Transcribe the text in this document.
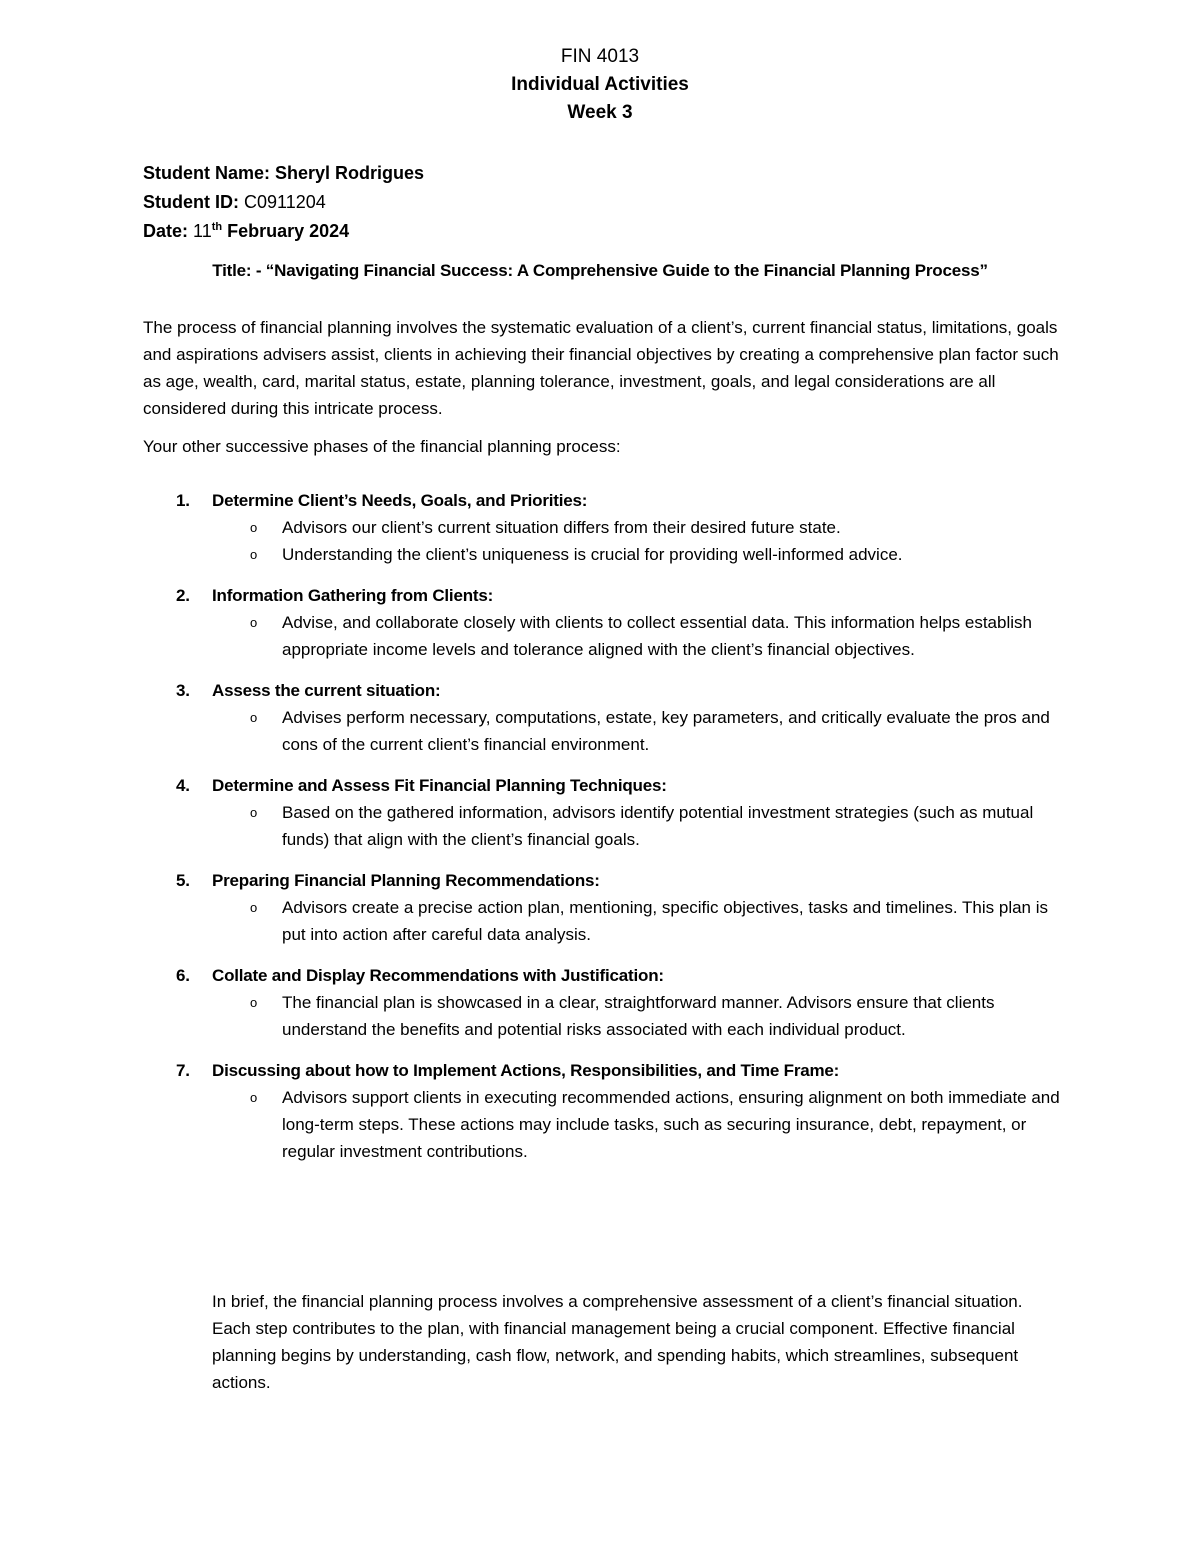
FIN 4013
Individual Activities
Week 3
Student Name: Sheryl Rodrigues
Student ID: C0911204
Date: 11th February 2024
Title: - “Navigating Financial Success: A Comprehensive Guide to the Financial Planning Process”
The process of financial planning involves the systematic evaluation of a client’s, current financial status, limitations, goals and aspirations advisers assist, clients in achieving their financial objectives by creating a comprehensive plan factor such as age, wealth, card, marital status, estate, planning tolerance, investment, goals, and legal considerations are all considered during this intricate process.
Your other successive phases of the financial planning process:
1.	Determine Client’s Needs, Goals, and Priorities:
o	Advisors our client’s current situation differs from their desired future state.
o	Understanding the client’s uniqueness is crucial for providing well-informed advice.
2.	Information Gathering from Clients:
o	Advise, and collaborate closely with clients to collect essential data. This information helps establish appropriate income levels and tolerance aligned with the client’s financial objectives.
3.	Assess the current situation:
o	Advises perform necessary, computations, estate, key parameters, and critically evaluate the pros and cons of the current client’s financial environment.
4.	Determine and Assess Fit Financial Planning Techniques:
o	Based on the gathered information, advisors identify potential investment strategies (such as mutual funds) that align with the client’s financial goals.
5.	Preparing Financial Planning Recommendations:
o	Advisors create a precise action plan, mentioning, specific objectives, tasks and timelines. This plan is put into action after careful data analysis.
6.	Collate and Display Recommendations with Justification:
o	The financial plan is showcased in a clear, straightforward manner. Advisors ensure that clients understand the benefits and potential risks associated with each individual product.
7.	Discussing about how to Implement Actions, Responsibilities, and Time Frame:
o	Advisors support clients in executing recommended actions, ensuring alignment on both immediate and long-term steps. These actions may include tasks, such as securing insurance, debt, repayment, or regular investment contributions.
In brief, the financial planning process involves a comprehensive assessment of a client’s financial situation. Each step contributes to the plan, with financial management being a crucial component. Effective financial planning begins by understanding, cash flow, network, and spending habits, which streamlines, subsequent actions.
